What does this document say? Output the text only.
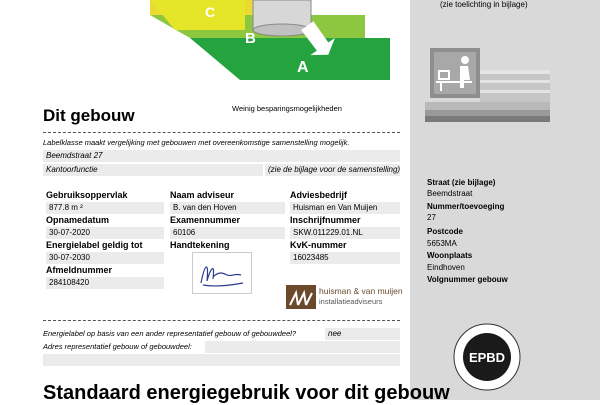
(zie toelichting in bijlage)
C
B
A
Weinig besparingsmogelijkheden
Dit gebouw
Labelklasse maakt vergelijking met gebouwen met overeenkomstige samenstelling mogelijk.
Beemdstraat 27
Kantoorfunctie	(zie de bijlage voor de samenstelling)
Gebruiksoppervlak
877.8 m ²
Opnamedatum
30-07-2020
Energielabel geldig tot
30-07-2030
Afmeldnummer
284108420
Naam adviseur
B. van den Hoven
Examennummer
60106
Handtekening
Adviesbedrijf
Huisman en Van Muijen
Inschrijfnummer
SKW.011229.01.NL
KvK-nummer
16023485
huisman & van muijen
installatieadviseurs
Energielabel op basis van een ander representatief gebouw of gebouwdeel?	nee
Adres representatief gebouw of gebouwdeel:
Standaard energiegebruik voor dit gebouw
Straat (zie bijlage)
Beemdstraat
Nummer/toevoeging
27
Postcode
5653MA
Woonplaats
Eindhoven
Volgnummer gebouw
EPBD
